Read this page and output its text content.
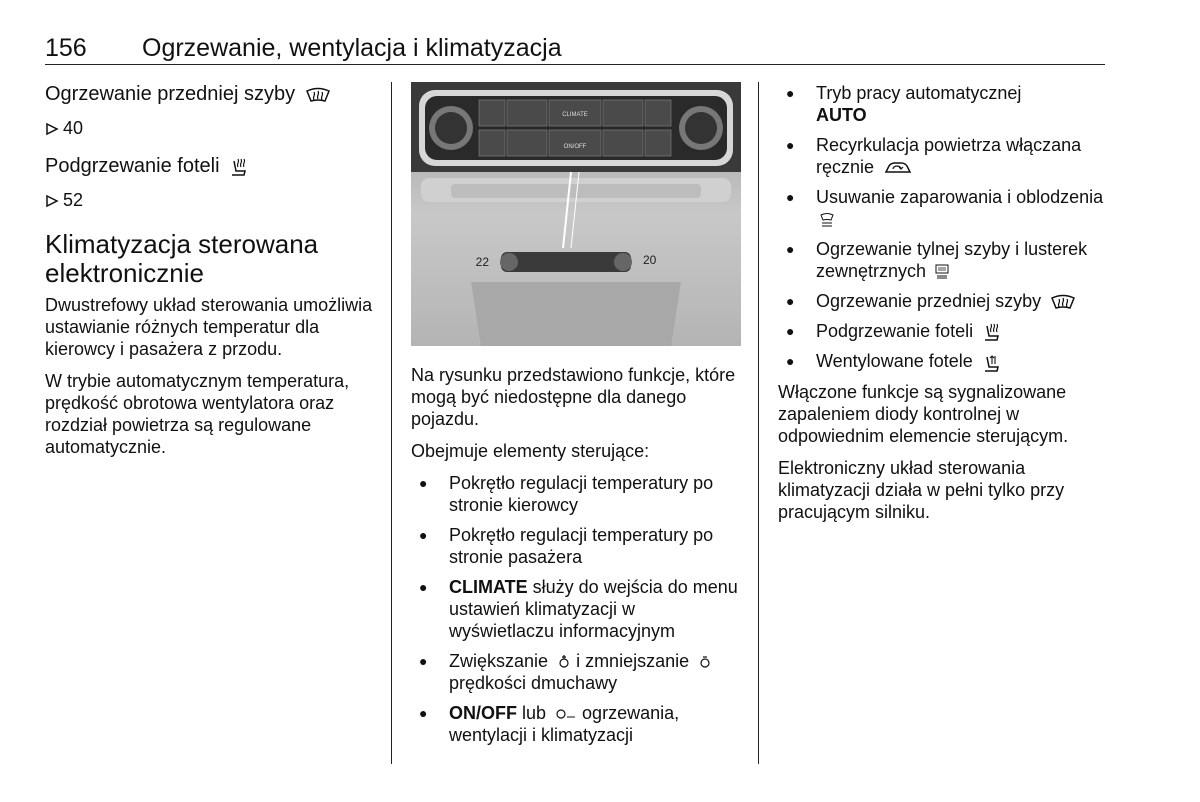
156 Ogrzewanie, wentylacja i klimatyzacja
Ogrzewanie przedniej szyby
40
Podgrzewanie foteli
52
Klimatyzacja sterowana
elektronicznie

Dwustrefowy układ sterowania umożliwia ustawianie różnych temperatur dla kierowcy i pasażera z przodu.

W trybie automatycznym temperatura, prędkość obrotowa wentylatora oraz rozdział powietrza są regulowane automatycznie.

CLIMATE
ON/OFF
22	20

Na rysunku przedstawiono funkcje, które mogą być niedostępne dla danego pojazdu.

Obejmuje elementy sterujące:

● Pokrętło regulacji temperatury po stronie kierowcy
● Pokrętło regulacji temperatury po stronie pasażera
● CLIMATE służy do wejścia do menu ustawień klimatyzacji w wyświetlaczu informacyjnym
● Zwiększanie  i zmniejszanie
prędkości dmuchawy
● ON/OFF lub  ogrzewania, wentylacji i klimatyzacji
● Tryb pracy automatycznej
AUTO
● Recyrkulacja powietrza włączana ręcznie
● Usuwanie zaparowania i oblodzenia
● Ogrzewanie tylnej szyby i lusterek zewnętrznych
● Ogrzewanie przedniej szyby
● Podgrzewanie foteli
● Wentylowane fotele

Włączone funkcje są sygnalizowane zapaleniem diody kontrolnej w odpowiednim elemencie sterującym.

Elektroniczny układ sterowania klimatyzacji działa w pełni tylko przy pracującym silniku.
